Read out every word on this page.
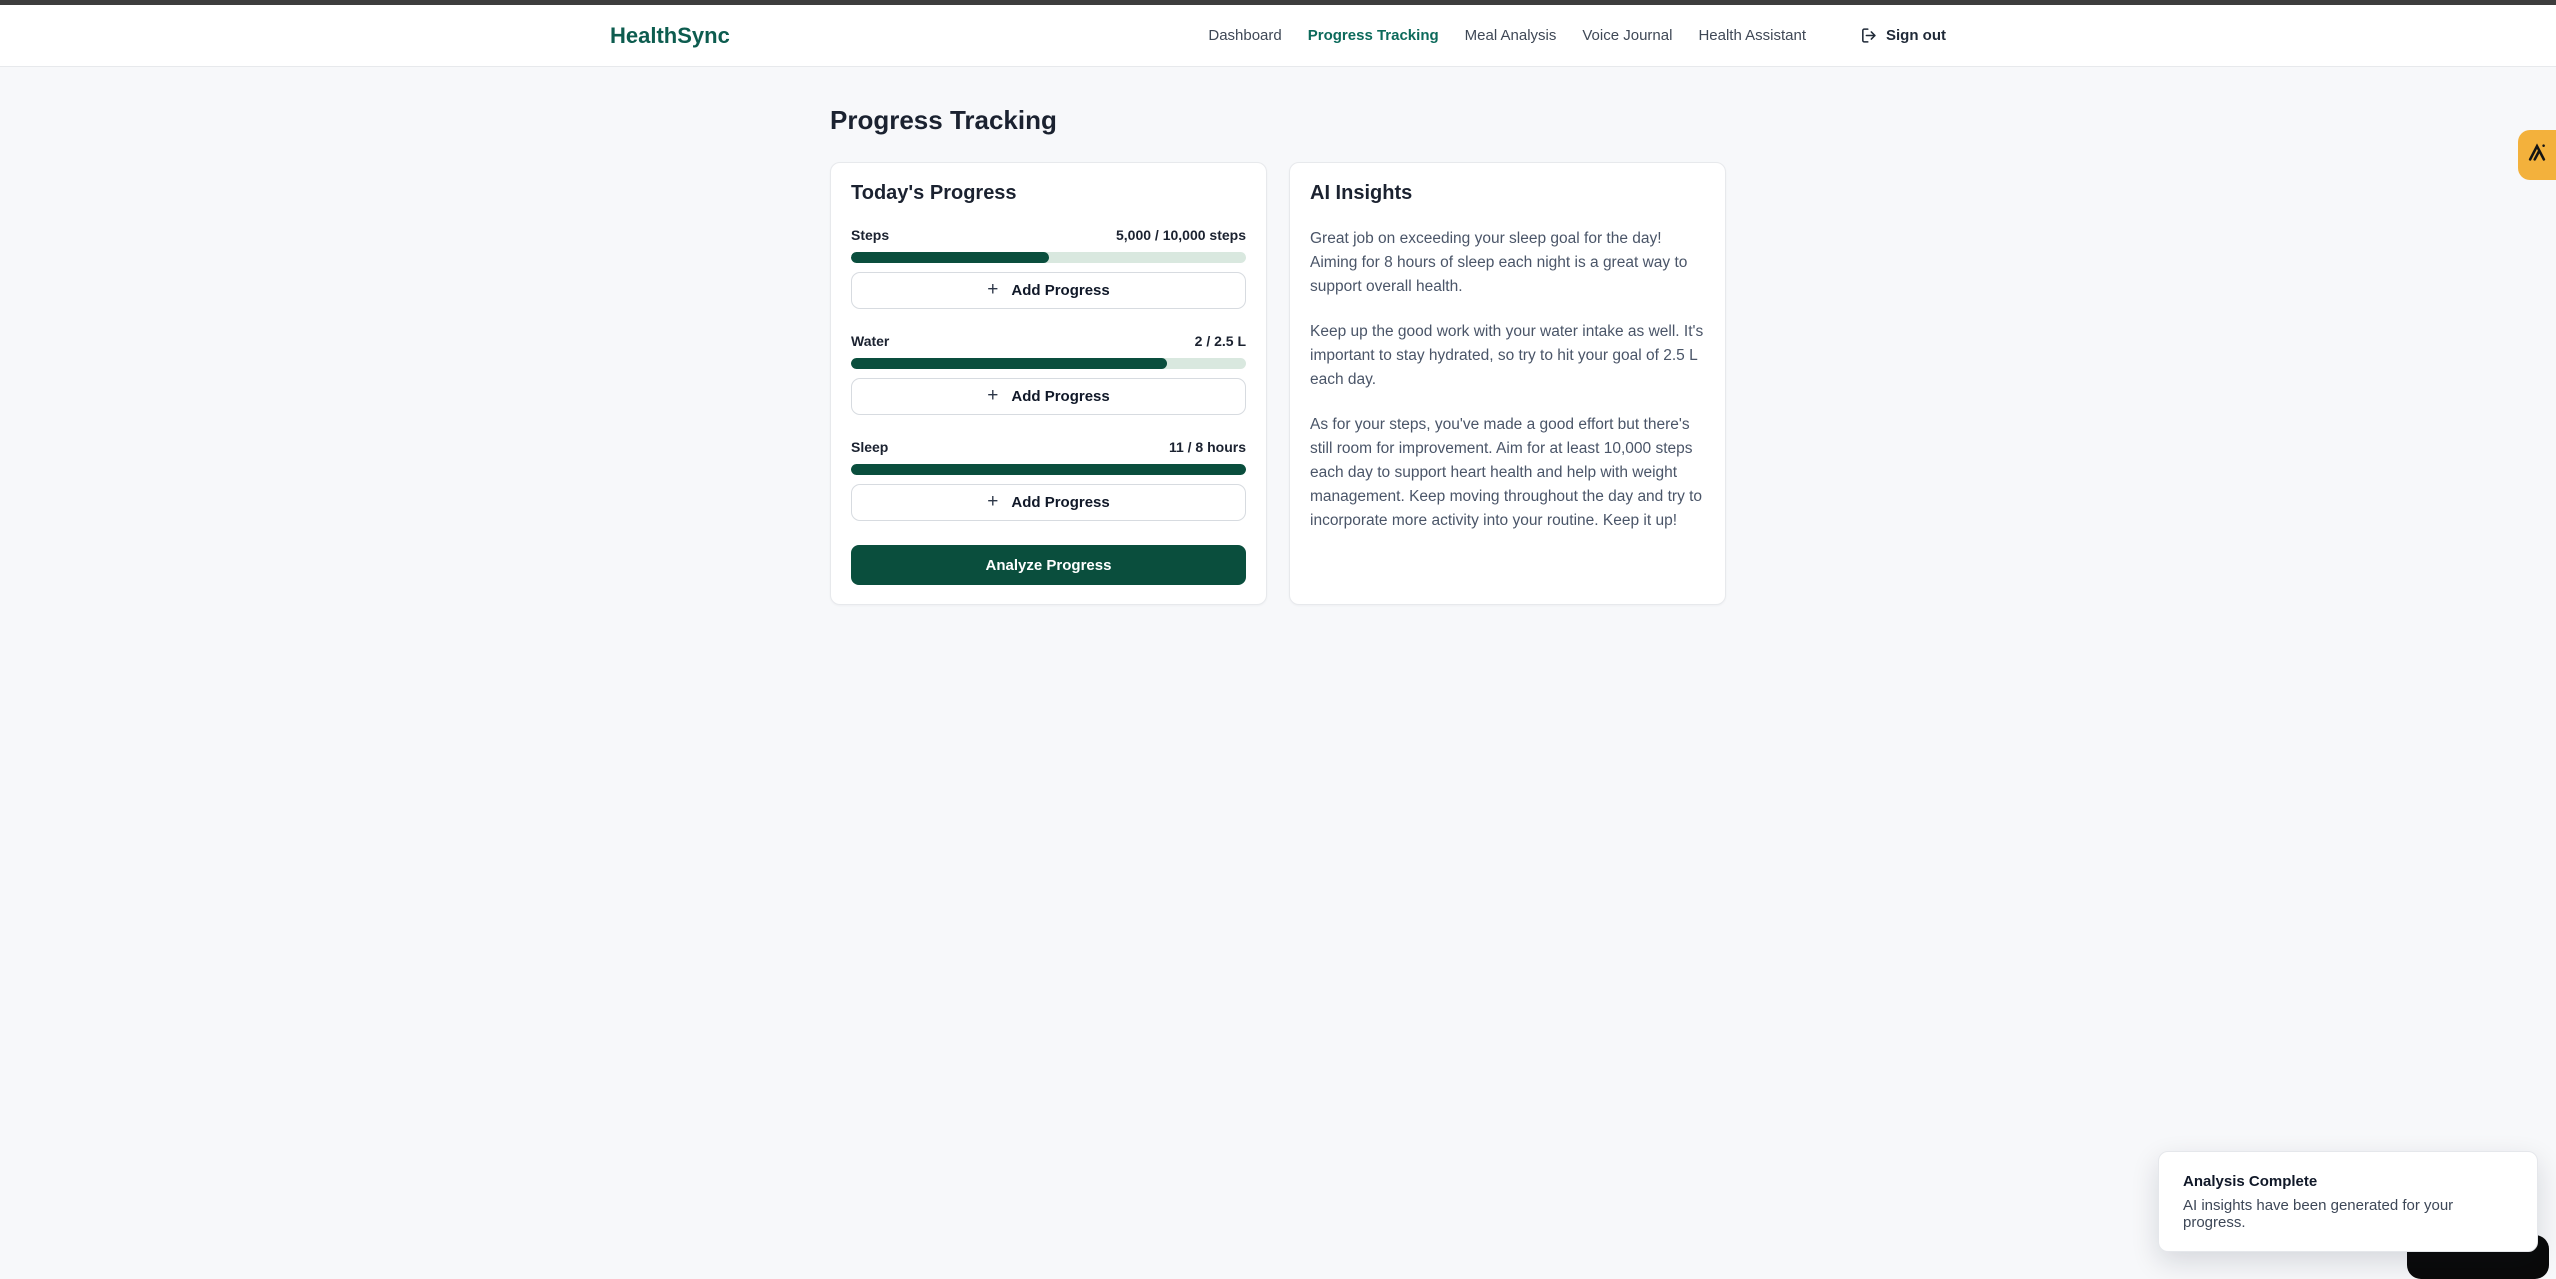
HealthSync	Dashboard Progress Tracking Meal Analysis Voice Journal Health Assistant	Sign out
Progress Tracking
Today's Progress
Steps	5,000 / 10,000 steps
+ Add Progress
Water	2 / 2.5 L
+ Add Progress
Sleep	11 / 8 hours
+ Add Progress
Analyze Progress
AI Insights

Great job on exceeding your sleep goal for the day! Aiming for 8 hours of sleep each night is a great way to support overall health.

Keep up the good work with your water intake as well. It's important to stay hydrated, so try to hit your goal of 2.5 L each day.

As for your steps, you've made a good effort but there's still room for improvement. Aim for at least 10,000 steps each day to support heart health and help with weight management. Keep moving throughout the day and try to incorporate more activity into your routine. Keep it up!

Analysis Complete
AI insights have been generated for your progress.
